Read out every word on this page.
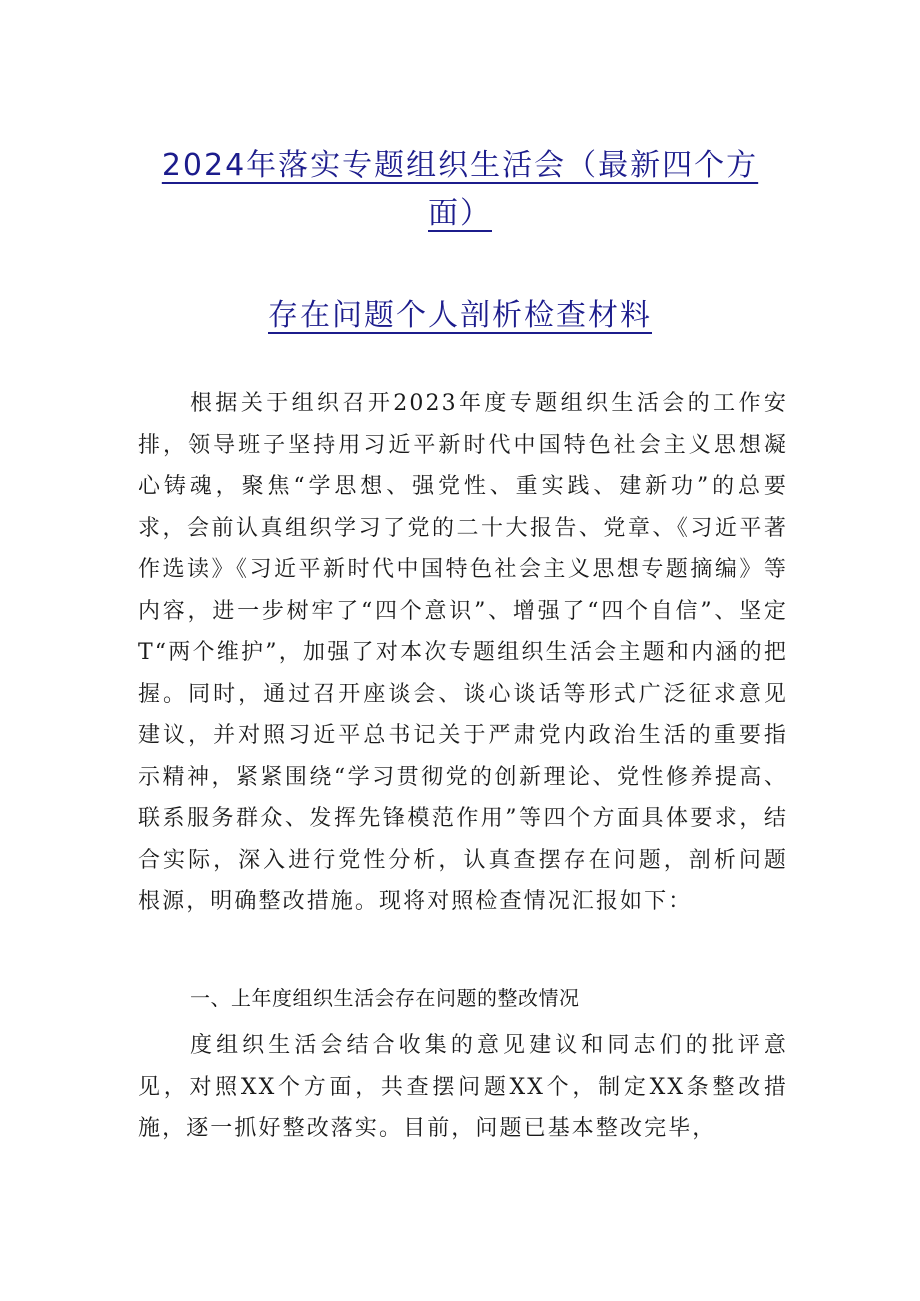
2024年落实专题组织生活会（最新四个方
面）
存在问题个人剖析检查材料

根据关于组织召开2023年度专题组织生活会的工作安排，领导班子坚持用习近平新时代中国特色社会主义思想凝心铸魂，聚焦“学思想、强党性、重实践、建新功”的总要求，会前认真组织学习了党的二十大报告、党章、《习近平著作选读》《习近平新时代中国特色社会主义思想专题摘编》等内容，进一步树牢了“四个意识”、增强了“四个自信”、坚定T“两个维护”，加强了对本次专题组织生活会主题和内涵的把握。同时，通过召开座谈会、谈心谈话等形式广泛征求意见建议，并对照习近平总书记关于严肃党内政治生活的重要指示精神，紧紧围绕“学习贯彻党的创新理论、党性修养提高、联系服务群众、发挥先锋模范作用”等四个方面具体要求，结合实际，深入进行党性分析，认真查摆存在问题，剖析问题根源，明确整改措施。现将对照检查情况汇报如下：

一、上年度组织生活会存在问题的整改情况

度组织生活会结合收集的意见建议和同志们的批评意见，对照XX个方面，共查摆问题XX个，制定XX条整改措施，逐一抓好整改落实。目前，问题已基本整改完毕，
